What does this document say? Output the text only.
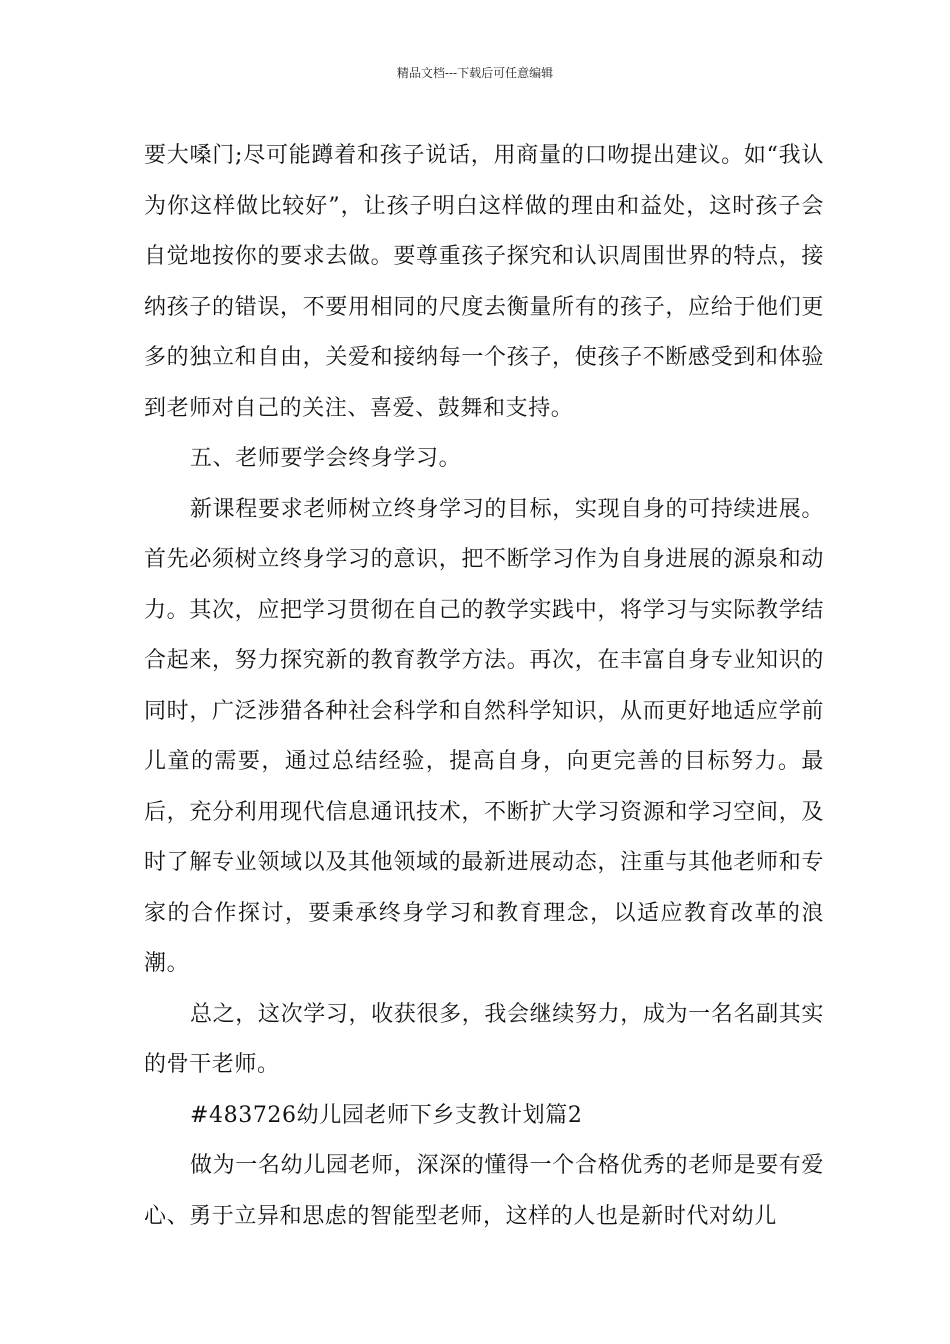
精品文档---下载后可任意编辑

要大嗓门;尽可能蹲着和孩子说话，用商量的口吻提出建议。如“我认为你这样做比较好”，让孩子明白这样做的理由和益处，这时孩子会自觉地按你的要求去做。要尊重孩子探究和认识周围世界的特点，接纳孩子的错误，不要用相同的尺度去衡量所有的孩子，应给于他们更多的独立和自由，关爱和接纳每一个孩子，使孩子不断感受到和体验到老师对自己的关注、喜爱、鼓舞和支持。

五、老师要学会终身学习。

新课程要求老师树立终身学习的目标，实现自身的可持续进展。首先必须树立终身学习的意识，把不断学习作为自身进展的源泉和动力。其次，应把学习贯彻在自己的教学实践中，将学习与实际教学结合起来，努力探究新的教育教学方法。再次，在丰富自身专业知识的同时，广泛涉猎各种社会科学和自然科学知识，从而更好地适应学前儿童的需要，通过总结经验，提高自身，向更完善的目标努力。最后，充分利用现代信息通讯技术，不断扩大学习资源和学习空间，及时了解专业领域以及其他领域的最新进展动态，注重与其他老师和专家的合作探讨，要秉承终身学习和教育理念，以适应教育改革的浪潮。

总之，这次学习，收获很多，我会继续努力，成为一名名副其实的骨干老师。

#483726幼儿园老师下乡支教计划篇2

做为一名幼儿园老师，深深的懂得一个合格优秀的老师是要有爱心、勇于立异和思虑的智能型老师，这样的人也是新时代对幼儿
